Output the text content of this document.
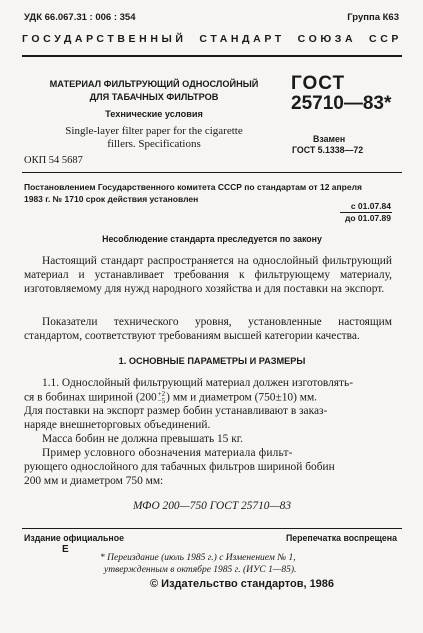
УДК 66.067.31 : 006 : 354	Группа К63
ГОСУДАРСТВЕННЫЙ СТАНДАРТ СОЮЗА ССР
МАТЕРИАЛ ФИЛЬТРУЮЩИЙ ОДНОСЛОЙНЫЙ
ДЛЯ ТАБАЧНЫХ ФИЛЬТРОВ
Технические условия
Single-layer filter paper for the cigarette
fillers. Specifications
ГОСТ
25710—83*
Взамен
ГОСТ 5.1338—72
ОКП 54 5687
Постановлением Государственного комитета СССР по стандартам от 12 апреля
1983 г. № 1710 срок действия установлен
с 01.07.84
до 01.07.89
Несоблюдение стандарта преследуется по закону
Настоящий стандарт распространяется на однослойный фильтрующий материал и устанавливает требования к фильтрующему материалу, изготовляемому для нужд народного хозяйства и для поставки на экспорт.
Показатели технического уровня, установленные настоящим стандартом, соответствуют требованиям высшей категории качества.
1. ОСНОВНЫЕ ПАРАМЕТРЫ И РАЗМЕРЫ
1.1. Однослойный фильтрующий материал должен изготовлять-
ся в бобинах шириной (200 +2
−5 ) мм и диаметром (750±10) мм.
Для поставки на экспорт размер бобин устанавливают в заказ-
наряде внешнеторговых объединений.
Масса бобин не должна превышать 15 кг.
Пример условного обозначения материала фильт-
рующего однослойного для табачных фильтров шириной бобин
200 мм и диаметром 750 мм:
МФО 200—750 ГОСТ 25710—83
Издание официальное	Перепечатка воспрещена
Е
* Переиздание (июль 1985 г.) с Изменением № 1,
утвержденным в октябре 1985 г. (ИУС 1—85).
© Издательство стандартов, 1986
